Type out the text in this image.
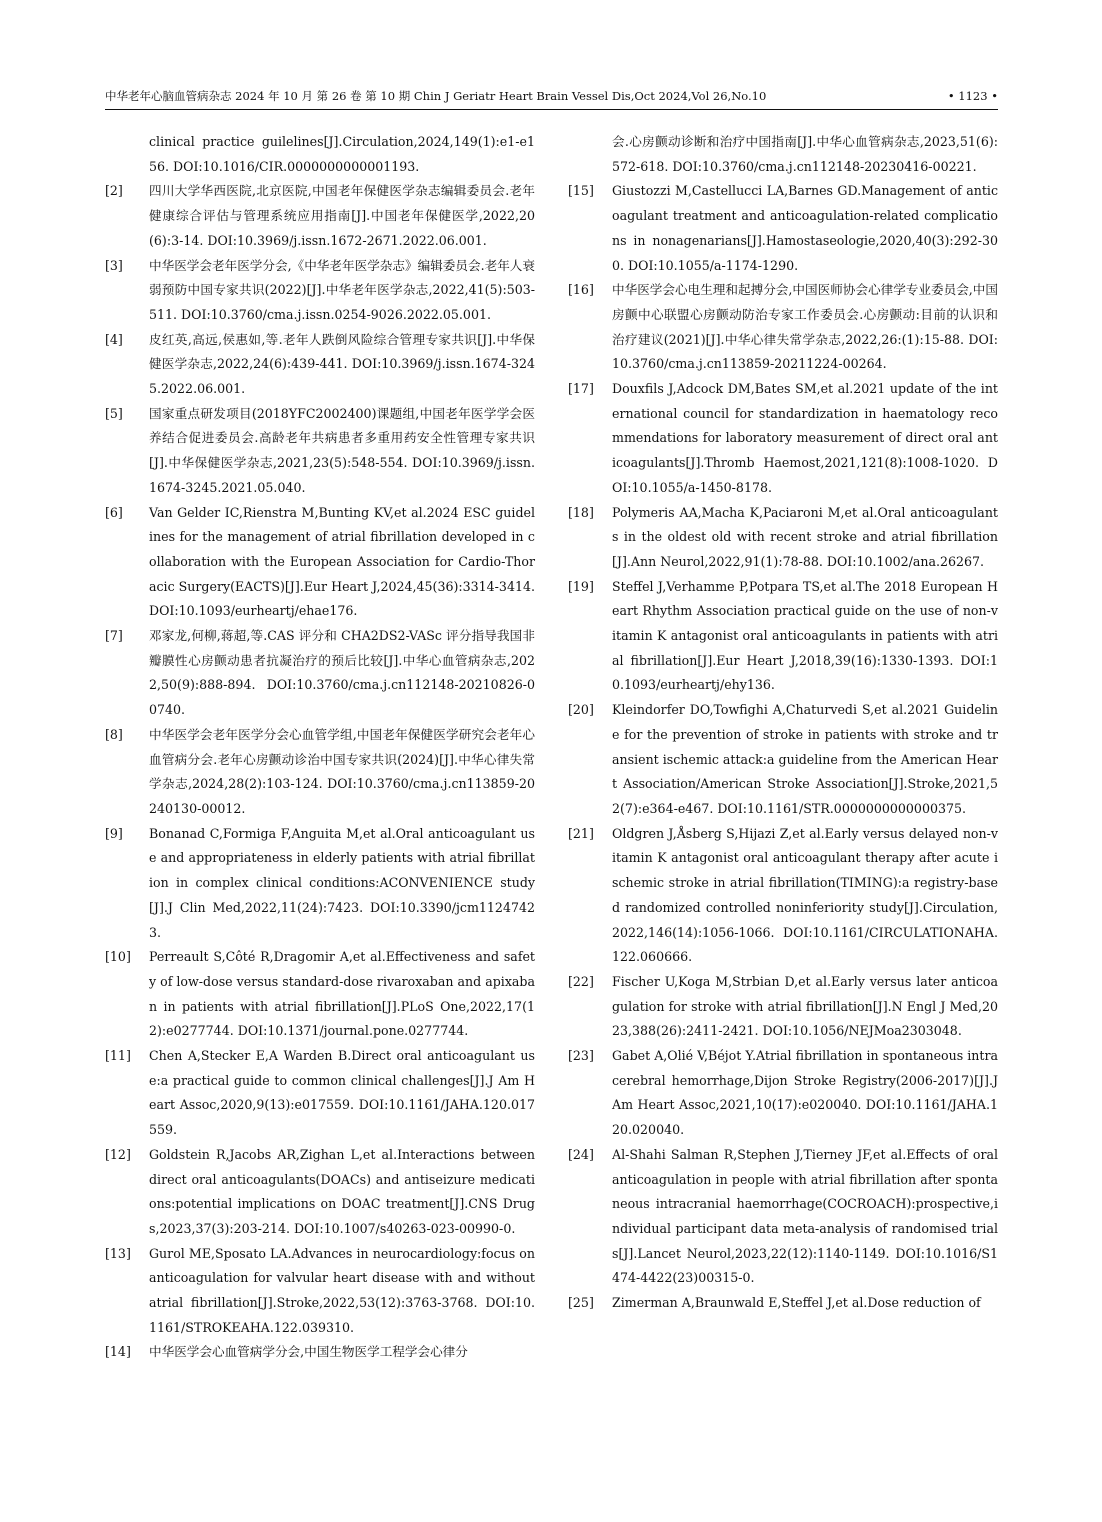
中华老年心脑血管病杂志 2024 年 10 月 第 26 卷 第 10 期 Chin J Geriatr Heart Brain Vessel Dis,Oct 2024,Vol 26,No.10	• 1123 •
clinical practice guilelines[J].Circulation,2024,149(1):e1-e156. DOI:10.1016/CIR.0000000000001193.
[2]	四川大学华西医院,北京医院,中国老年保健医学杂志编辑委员会.老年健康综合评估与管理系统应用指南[J].中国老年保健医学,2022,20(6):3-14. DOI:10.3969/j.issn.1672-2671.2022.06.001.
[3]	中华医学会老年医学分会,《中华老年医学杂志》编辑委员会.老年人衰弱预防中国专家共识(2022)[J].中华老年医学杂志,2022,41(5):503-511. DOI:10.3760/cma.j.issn.0254-9026.2022.05.001.
[4]	皮红英,高远,侯惠如,等.老年人跌倒风险综合管理专家共识[J].中华保健医学杂志,2022,24(6):439-441. DOI:10.3969/j.issn.1674-3245.2022.06.001.
[5]	国家重点研发项目(2018YFC2002400)课题组,中国老年医学学会医养结合促进委员会.高龄老年共病患者多重用药安全性管理专家共识[J].中华保健医学杂志,2021,23(5):548-554. DOI:10.3969/j.issn.1674-3245.2021.05.040.
[6]	Van Gelder IC,Rienstra M,Bunting KV,et al.2024 ESC guidelines for the management of atrial fibrillation developed in collaboration with the European Association for Cardio-Thoracic Surgery(EACTS)[J].Eur Heart J,2024,45(36):3314-3414. DOI:10.1093/eurheartj/ehae176.
[7]	邓家龙,何柳,蒋超,等.CAS 评分和 CHA2DS2-VASc 评分指导我国非瓣膜性心房颤动患者抗凝治疗的预后比较[J].中华心血管病杂志,2022,50(9):888-894. DOI:10.3760/cma.j.cn112148-20210826-00740.
[8]	中华医学会老年医学分会心血管学组,中国老年保健医学研究会老年心血管病分会.老年心房颤动诊治中国专家共识(2024)[J].中华心律失常学杂志,2024,28(2):103-124. DOI:10.3760/cma.j.cn113859-20240130-00012.
[9]	Bonanad C,Formiga F,Anguita M,et al.Oral anticoagulant use and appropriateness in elderly patients with atrial fibrillation in complex clinical conditions:ACONVENIENCE study[J].J Clin Med,2022,11(24):7423. DOI:10.3390/jcm11247423.
[10]	Perreault S,Côté R,Dragomir A,et al.Effectiveness and safety of low-dose versus standard-dose rivaroxaban and apixaban in patients with atrial fibrillation[J].PLoS One,2022,17(12):e0277744. DOI:10.1371/journal.pone.0277744.
[11]	Chen A,Stecker E,A Warden B.Direct oral anticoagulant use:a practical guide to common clinical challenges[J].J Am Heart Assoc,2020,9(13):e017559. DOI:10.1161/JAHA.120.017559.
[12]	Goldstein R,Jacobs AR,Zighan L,et al.Interactions between direct oral anticoagulants(DOACs) and antiseizure medications:potential implications on DOAC treatment[J].CNS Drugs,2023,37(3):203-214. DOI:10.1007/s40263-023-00990-0.
[13]	Gurol ME,Sposato LA.Advances in neurocardiology:focus on anticoagulation for valvular heart disease with and without atrial fibrillation[J].Stroke,2022,53(12):3763-3768. DOI:10.1161/STROKEAHA.122.039310.
[14]	中华医学会心血管病学分会,中国生物医学工程学会心律分
会.心房颤动诊断和治疗中国指南[J].中华心血管病杂志,2023,51(6):572-618. DOI:10.3760/cma.j.cn112148-20230416-00221.
[15]	Giustozzi M,Castellucci LA,Barnes GD.Management of anticoagulant treatment and anticoagulation-related complications in nonagenarians[J].Hamostaseologie,2020,40(3):292-300. DOI:10.1055/a-1174-1290.
[16]	中华医学会心电生理和起搏分会,中国医师协会心律学专业委员会,中国房颤中心联盟心房颤动防治专家工作委员会.心房颤动:目前的认识和治疗建议(2021)[J].中华心律失常学杂志,2022,26:(1):15-88. DOI:10.3760/cma.j.cn113859-20211224-00264.
[17]	Douxfils J,Adcock DM,Bates SM,et al.2021 update of the international council for standardization in haematology recommendations for laboratory measurement of direct oral anticoagulants[J].Thromb Haemost,2021,121(8):1008-1020. DOI:10.1055/a-1450-8178.
[18]	Polymeris AA,Macha K,Paciaroni M,et al.Oral anticoagulants in the oldest old with recent stroke and atrial fibrillation[J].Ann Neurol,2022,91(1):78-88. DOI:10.1002/ana.26267.
[19]	Steffel J,Verhamme P,Potpara TS,et al.The 2018 European Heart Rhythm Association practical guide on the use of non-vitamin K antagonist oral anticoagulants in patients with atrial fibrillation[J].Eur Heart J,2018,39(16):1330-1393. DOI:10.1093/eurheartj/ehy136.
[20]	Kleindorfer DO,Towfighi A,Chaturvedi S,et al.2021 Guideline for the prevention of stroke in patients with stroke and transient ischemic attack:a guideline from the American Heart Association/American Stroke Association[J].Stroke,2021,52(7):e364-e467. DOI:10.1161/STR.0000000000000375.
[21]	Oldgren J,Åsberg S,Hijazi Z,et al.Early versus delayed non-vitamin K antagonist oral anticoagulant therapy after acute ischemic stroke in atrial fibrillation(TIMING):a registry-based randomized controlled noninferiority study[J].Circulation,2022,146(14):1056-1066. DOI:10.1161/CIRCULATIONAHA.122.060666.
[22]	Fischer U,Koga M,Strbian D,et al.Early versus later anticoagulation for stroke with atrial fibrillation[J].N Engl J Med,2023,388(26):2411-2421. DOI:10.1056/NEJMoa2303048.
[23]	Gabet A,Olié V,Béjot Y.Atrial fibrillation in spontaneous intracerebral hemorrhage,Dijon Stroke Registry(2006-2017)[J].J Am Heart Assoc,2021,10(17):e020040. DOI:10.1161/JAHA.120.020040.
[24]	Al-Shahi Salman R,Stephen J,Tierney JF,et al.Effects of oral anticoagulation in people with atrial fibrillation after spontaneous intracranial haemorrhage(COCROACH):prospective,individual participant data meta-analysis of randomised trials[J].Lancet Neurol,2023,22(12):1140-1149. DOI:10.1016/S1474-4422(23)00315-0.
[25]	Zimerman A,Braunwald E,Steffel J,et al.Dose reduction of
